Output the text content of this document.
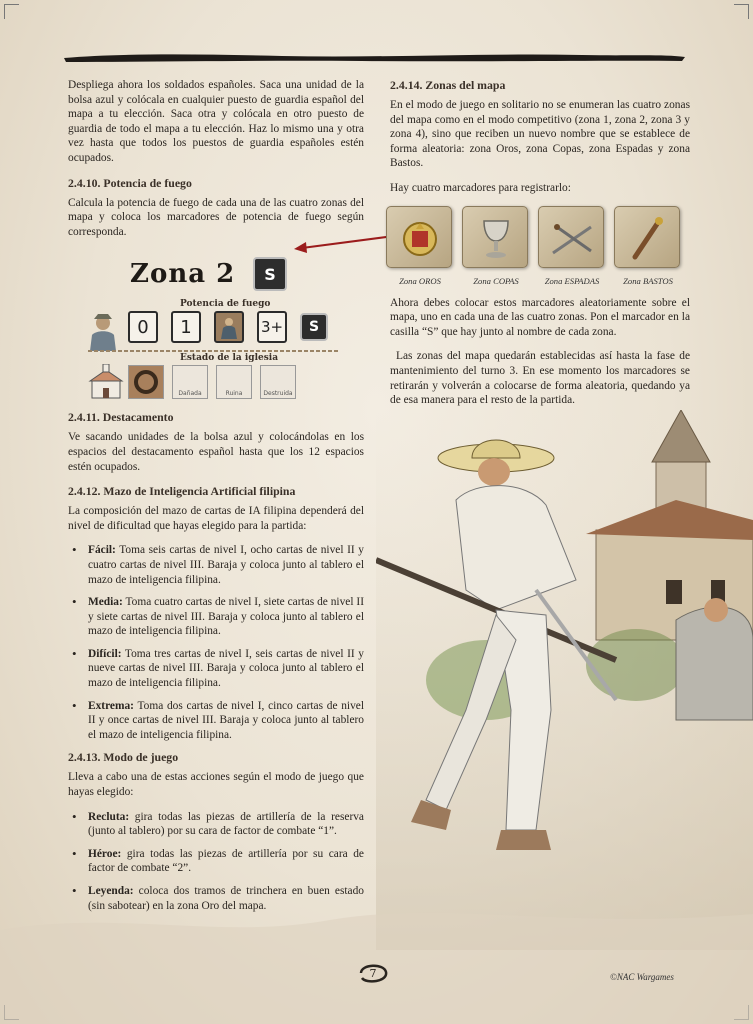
Despliega ahora los soldados españoles. Saca una unidad de la bolsa azul y colócala en cualquier puesto de guardia español del mapa a tu elección. Saca otra y colócala en otro puesto de guardia de todo el mapa a tu elección. Haz lo mismo una y otra vez hasta que todos los puestos de guardia españoles estén ocupados.

2.4.10. Potencia de fuego

Calcula la potencia de fuego de cada una de las cuatro zonas del mapa y coloca los marcadores de potencia de fuego según corresponda.

Zona 2	S
Potencia de fuego
0	1	3+	S
Estado de la iglesia
Dañada	Ruina	Destruida
2.4.11. Destacamento

Ve sacando unidades de la bolsa azul y colocándolas en los espacios del destacamento español hasta que los 12 espacios estén ocupados.

2.4.12. Mazo de Inteligencia Artificial filipina

La composición del mazo de cartas de IA filipina dependerá del nivel de dificultad que hayas elegido para la partida:

• Fácil: Toma seis cartas de nivel I, ocho cartas de nivel II y cuatro cartas de nivel III. Baraja y coloca junto al tablero el mazo de inteligencia filipina.
• Media: Toma cuatro cartas de nivel I, siete cartas de nivel II y siete cartas de nivel III. Baraja y coloca junto al tablero el mazo de inteligencia filipina.
• Difícil: Toma tres cartas de nivel I, seis cartas de nivel II y nueve cartas de nivel III. Baraja y coloca junto al tablero el mazo de inteligencia filipina.
• Extrema: Toma dos cartas de nivel I, cinco cartas de nivel II y once cartas de nivel III. Baraja y coloca junto al tablero el mazo de inteligencia filipina.
2.4.13. Modo de juego

Lleva a cabo una de estas acciones según el modo de juego que hayas elegido:

• Recluta: gira todas las piezas de artillería de la reserva (junto al tablero) por su cara de factor de combate “1”.
• Héroe: gira todas las piezas de artillería por su cara de factor de combate “2”.
• Leyenda: coloca dos tramos de trinchera en buen estado (sin sabotear) en la zona Oro del mapa.
2.4.14. Zonas del mapa

En el modo de juego en solitario no se enumeran las cuatro zonas del mapa como en el modo competitivo (zona 1, zona 2, zona 3 y zona 4), sino que reciben un nuevo nombre que se establece de forma aleatoria: zona Oros, zona Copas, zona Espadas y zona Bastos.

Hay cuatro marcadores para registrarlo:

Zona OROS	Zona COPAS	Zona ESPADAS	Zona BASTOS

Ahora debes colocar estos marcadores aleatoriamente sobre el mapa, uno en cada una de las cuatro zonas. Pon el marcador en la casilla “S” que hay junto al nombre de cada zona.

Las zonas del mapa quedarán establecidas así hasta la fase de mantenimiento del turno 3. En ese momento los marcadores se retirarán y volverán a colocarse de forma aleatoria, quedando ya de esa manera para el resto de la partida.

7	©NAC Wargames
